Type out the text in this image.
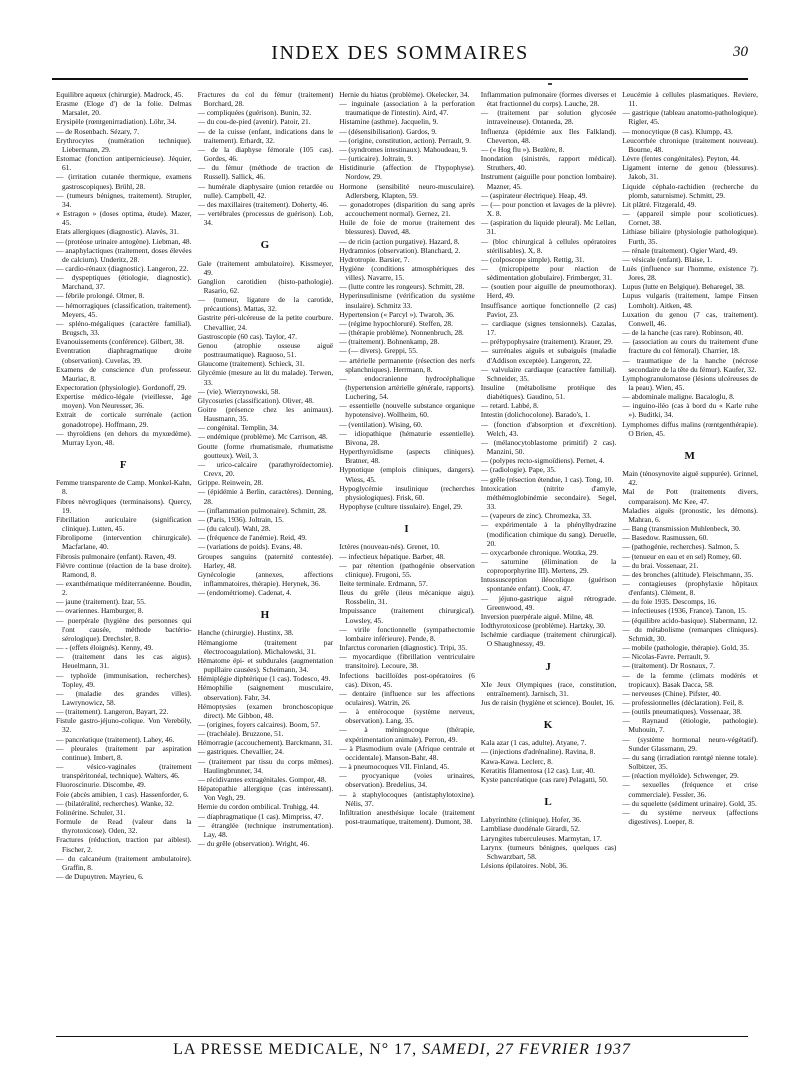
INDEX DES SOMMAIRES	30

Equilibre aqueux (chirurgie). Madrock, 45.

Erasme (Eloge d') de la folie. Delmas Marsalet, 20.

Erysipèle (rœntgenirradiation). Löhr, 34.

— de Rosenbach. Sézary, 7.

Erythrocytes (numération technique). Liebermann, 29.

Estomac (fonction antipernicieuse). Jéquier, 61.

— (irritation cutanée thermique, examens gastroscopiques). Brühl, 28.

— (tumeurs bénignes, traitement). Strupler, 34.

« Estragon » (doses optima, étude). Mazer, 45.

Etats allergiques (diagnostic). Alavès, 31.

— (protéose urinaire antogène). Liebman, 48.

— anaphylactiques (traitement, doses élevées de calcium). Underitz, 28.

— cardio-rénaux (diagnostic). Langeron, 22.

— dyspeptiques (étiologie, diagnostic). Marchand, 37.

— fébrile prolongé. Olmer, 8.

— hémorragiques (classification, traitement). Meyers, 45.

— spléno-mégaliques (caractère familial). Brugsch, 33.

Evanouissements (conférence). Gilbert, 38.

Eventration diaphragmatique droite (observation). Cuvelas, 39.

Examens de conscience d'un professeur. Mauriac, 8.

Expectoration (physiologie). Gordonoff, 29.

Expertise médico-légale (vieillesse, âge moyen). Von Neuresser, 36.

Extrait de corticale surrénale (action gonadotrope). Hoffmann, 29.

— thyroïdiens (en dehors du myxœdème). Murray Lyon, 48.

F

Femme transparente de Camp. Monkel-Kahn, 8.

Fibres névrogliques (terminaisons). Quercy, 19.

Fibrillation auriculaire (signification clinique). Lutten, 45.

Fibrolipome (intervention chirurgicale). Macfarlane, 40.

Fibrosis pulmonaire (enfant). Raven, 49.

Fièvre continue (réaction de la base droite). Ramond, 8.

— exanthématique méditerranéenne. Boudin, 2.

— jaune (traitement). Izar, 55.

— ovariennes. Hamburger, 8.

— puerpérale (hygiène des personnes qui l'ont causée, méthode bactério-sérologique). Drechsler, 8.

— - (effets éloignés). Kenny, 49.

— (traitement dans les cas aigus). Heuelmann, 31.

— typhoïde (immunisation, recherches). Topley, 49.

— (maladie des grandes villes). Lawrynowicz, 58.

— (traitement). Langeron, Bayart, 22.

Fistule gastro-jéjuno-colique. Von Vereböly, 32.

— pancréatique (traitement). Lahey, 46.

— pleurales (traitement par aspiration continue). Imbert, 8.

— vésico-vaginales (traitement transpéritonéal, technique). Walters, 46.

Fluoroscinurie. Discombe, 49.

Foie (abcès amibien, 1 cas). Hassenforder, 6.

— (bilatéralité, recherches). Wanke, 32.

Folinérine. Schuler, 31.

Formule de Read (valeur dans la thyrotoxicose). Oden, 32.

Fractures (réduction, traction par aiblest). Fischer, 2.

— du calcanéum (traitement ambulatoire). Graffin, 8.

— de Dupuytren. Mayrieu, 6.

Fractures du col du fémur (traitement) Borchard, 28.

— compliquées (guérison). Bunin, 32.

— du cou-de-pied (avenir). Patoir, 21.

— de la cuisse (enfant, indications dans le traitement). Erhardt, 32.

— de la diaphyse fémorale (105 cas). Gordes, 46.

— du fémur (méthode de traction de Russell). Sallick, 46.

— humérale diaphysaire (union retardée ou nulle). Campbell, 42.

— des maxillaires (traitement). Doherty, 46.

— vertébrales (processus de guérison). Lob, 34.

G

Gale (traitement ambulatoire). Kissmeyer, 49.

Ganglion carotidien (histo-pathologie). Rasario, 62.

— (tumeur, ligature de la carotide, précautions). Mattas, 32.

Gastrite péri-ulcéreuse de la petite courbure. Chevallier, 24.

Gastroscopie (60 cas). Taylor, 47.

Genou (atrophie osseuse aiguë posttraumatique). Raguoso, 51.

Glaucome (traitement). Schieck, 31.

Glycémie (mesure au lit du malade). Terwen, 33.

— (vie). Wierzynowski, 58.

Glycosuries (classification). Oliver, 48.

Goitre (présence chez les animaux). Hausmann, 35.

— congénital. Templin, 34.

— endémique (problème). Mc Carrison, 48.

Goutte (forme rhumatismale, rhumatisme goutteux). Weil, 3.

— urico-calcaire (parathyroïdectomie). Crevx, 20.

Grippe. Reinwein, 28.

— (épidémie à Berlin, caractères). Denning, 28.

— (inflammation pulmonaire). Schmitt, 28.

— (Paris, 1936). Joltrain, 15.

— (du calcul). Wahl, 28.

— (fréquence de l'anémie). Reid, 49.

— (variations de poids). Evans, 48.

Groupes sanguins (paternité contestée). Harley, 48.

Gynécologie (annexes, affections inflammatoires, thérapie). Herynek, 36.

— (endométriome). Cadenat, 4.

H

Hanche (chirurgie). Hustinx, 38.

Hémangiome (traitement par électrocoagulation). Michalowski, 31.

Hématome épi- et subdurales (augmentation pupillaire causées). Scheimann, 34.

Hémiplégie diphtérique (1 cas). Todesco, 49.

Hémophilie (saignement musculaire, observation). Fahr, 34.

Hémoptysies (examen bronchoscopique direct). Mc Gibbon, 48.

— (origines, foyers calcaires). Boom, 57.

— (trachéale). Bruzzone, 51.

Hémorragie (accouchement). Barckmann, 31.

— gastriques. Chevallier, 24.

— (traitement par tissu du corps mêmes). Haulingbrunner, 34.

— récidivantes extragénitales. Gompor, 48.

Hépatopathie allergique (cas intéressant). Von Vegh, 29.

Hernie du cordon ombilical. Truhigg, 44.

— diaphragmatique (1 cas). Mimpriss, 47.

— étranglée (technique instrumentation). Lay, 48.

— du grêle (observation). Wright, 46.

Hernie du hiatus (problème). Okelecker, 34.

— inguinale (association à la perforation traumatique de l'intestin). Aird, 47.

Histamine (asthme). Jacquelin, 9.

— (désensibilisation). Gardos, 9.

— (origine, constitution, action). Perrault, 9.

— (syndromes intestinaux). Mahoudeau, 9.

— (urticaire). Joltrain, 9.

Histidinurie (affection de l'hypophyse). Nordow, 29.

Hormone (sensibilité neuro-musculaire). Adlersberg, Klapten, 59.

— gonadotropes (disparition du sang après accouchement normal). Gernez, 21.

Huile de foie de morue (traitement des blessures). Daved, 48.

— de ricin (action purgative). Hazard, 8.

Hydramnios (observation). Blanchard, 2.

Hydrotropie. Barsier, 7.

Hygiène (conditions atmosphériques des villes). Navarre, 15.

— (lutte contre les rongeurs). Schmitt, 28.

Hyperinsulinisme (vérification du système insulaire). Schmitz 33.

Hypertension (« Parcyl »). Twaroh, 36.

— (régime hypochloruré). Steffen, 28.

— (thérapie problème). Nonnenbruch, 28.

— (traitement). Bohnenkamp, 28.

— (— divers). Greppi, 55.

— artérielle permanente (résection des nerfs splanchniques). Herrmann, 8.

— endocranienne hydrocéphalique (hypertension artérielle générale, rapports). Luchering, 54.

— essentielle (nouvelle substance organique hypotensive). Wollheim, 60.

— (ventilation). Wising, 60.

— idiopathique (hématurie essentielle). Bivona, 28.

Hyperthyroïdisme (aspects cliniques). Bratner, 48.

Hypnotique (emplois cliniques, dangers). Wiess, 45.

Hypoglycémie insulinique (recherches physiologiques). Frisk, 60.

Hypophyse (culture tissulaire). Engel, 29.

I

Ictères (nouveau-nés). Grenet, 10.

— infectieux hépatique. Barber, 48.

— par rétention (pathogénie observation clinique). Frugoni, 55.

Ileite terminale. Erdmann, 57.

Ileus du grêle (ileus mécanique aigu). Rossbelin, 31.

Impuissance (traitement chirurgical). Lowsley, 45.

— virile fonctionnelle (sympathectomie lombaire inférieure). Pende, 8.

Infarctus coronarien (diagnostic). Tripi, 35.

— myocardique (fibrillation ventriculaire transitoire). Lecoure, 38.

Infections bacilloïdes post-opératoires (6 cas). Dixon, 45.

— dentaire (influence sur les affections oculaires). Watrin, 26.

— à entérocoque (système nerveux, observation). Lang, 35.

— à méningocoque (thérapie, expérimentation animale). Perron, 49.

— à Plasmodium ovale (Afrique centrale et occidentale). Manson-Bahr, 48.

— à pneumocoques VII. Finland, 45.

— pyocyanique (voies urinaires, observation). Bredelius, 34.

— à staphylocoques (antistaphylotoxine). Nélis, 37.

Infiltration anesthésique locale (traitement post-traumatique, traitement). Dumont, 38.

Inflammation pulmonaire (formes diverses et état fractionnel du corps). Lauche, 28.

— (traitement par solution glycosée intraveineuse). Ontaneda, 28.

Influenza (épidémie aux Iles Falkland). Cheverton, 48.

— (« Hog flu »). Bezlère, 8.

Inondation (sinistrés, rapport médical). Struthers, 40.

Instrument (aiguille pour ponction lombaire). Mazner, 45.

— (aspirateur électrique). Heap, 49.

— (— pour ponction et lavages de la plèvre). X. 8.

— (aspiration du liquide pleural). Mc Lellan, 31.

— (bloc chirurgical à cellules opératoires stérilisables). X, 8.

— (colposcope simple). Rettig, 31.

— (micropipette pour réaction de sédimentation globulaire). Frimberger, 31.

— (soutien pour aiguille de pneumothorax). Herd, 49.

Insuffisance aortique fonctionnelle (2 cas) Paviot, 23.

— cardiaque (signes tensionnels). Cazalas, 17.

— préhypophysaire (traitement). Krauer, 29.

— surrénales aiguës et subaiguës (maladie d'Addison exceptée). Langeron, 22.

— valvulaire cardiaque (caractère familial). Schneider, 35.

Insuline (métabolisme protéique des diabétiques). Gaudino, 51.

— retard. Labbé, 8.

Intestin (dolichocolone). Barado's, 1.

— (fonction d'absorption et d'excrétion). Welch, 43.

— (mélanocytoblastome primitif) 2 cas). Manzini, 50.

— (polypes recto-sigmoïdiens). Pernet, 4.

— (radiologie). Pape, 35.

— grêle (résection étendue, 1 cas). Tong, 10.

Intoxication (nitrite d'amyle, méthémoglobinémie secondaire). Segel, 33.

— (vapeurs de zinc). Chromezka, 33.

— expérimentale à la phénylhydrazine (modification chimique du sang). Deruelle, 20.

— oxycarbonée chronique. Wotzka, 29.

— saturnine (élimination de la coproporphyrine III). Mertens, 29.

Intussusception iléocolique (guérison spontanée enfant). Cook, 47.

— jéjuno-gastrique aiguë rétrograde. Greenwood, 49.

Inversion puerpérale aiguë. Milne, 48.

Iodthyrotoxicose (problème). Hartzky, 30.

Ischémie cardiaque (traitement chirurgical). O Shaughnessy, 49.

J

XIe Jeux Olympiques (race, constitution, entraînement). Jarnisch, 31.

Jus de raisin (hygiène et science). Boulet, 16.

K

Kala azar (1 cas, adulte). Atyane, 7.

— (injections d'adrénaline). Ravina, 8.

Kawa-Kawa. Leclerc, 8.

Keratitis filamentosa (12 cas). Lur, 40.

Kyste pancréatique (cas rare) Pelagatti, 50.

L

Labyrinthite (clinique). Hofer, 36.

Lambliase duodénale Girardi, 52.

Laryngites tuberculeuses. Marmytan, 17.

Larynx (tumeurs bénignes, quelques cas) Schwarzbart, 58.

Lésions épilatoires. Nobl, 36.

Leucémie à cellules plasmatiques. Reviere, 11.

— gastrique (tableau anatomo-pathologique). Rigler, 45.

— monocytique (8 cas). Klumpp, 43.

Leucorrhée chronique (traitement nouveau). Bourne, 48.

Lèvre (fentes congénitales). Peyton, 44.

Ligament interne de genou (blessures). Jakob, 31.

Liquide céphalo-rachidien (recherche du plomb, saturnisme). Schmitt, 29.

Lit plâtré. Fitzgerald, 49.

— (appareil simple pour scolioticues). Cornet, 38.

Lithiase biliaire (physiologie pathologique). Furth, 35.

— rénale (traitement). Ogier Ward, 49.

— vésicale (enfant). Blaise, 1.

Luès (influence sur l'homme, existence ?). Jores, 28.

Lupus (lutte en Belgique). Beharegel, 38.

Lupus vulgaris (traitement, lampe Finsen Lomholt). Aitken, 48.

Luxation du genou (7 cas, traitement). Conwell, 46.

— de la hanche (cas rare). Robinson, 40.

— (association au cours du traitement d'une fracture du col fémoral). Charrier, 18.

— traumatique de la hanche (nécrose secondaire de la tête du fémur). Kaufer, 32.

Lymphogranulomatose (lésions ulcéreuses de la peau). Wien, 45.

— abdominale maligne. Bacaloglu, 8.

— inguino-iléo (cas à bord du « Karle ruhe »). Buditki, 34.

Lymphomes diffus malins (rœntgenthérapie). O Brien, 45.

M

Main (ténosynovite aiguë suppurée). Grinnel, 42.

Mal de Pott (traitements divers, comparaison). Mc Kee, 47.

Maladies aiguës (pronostic, les démons). Mahran, 6.

— Bang (transmission Muhlenbeck, 30.

— Basedow. Rasmussen, 60.

— (pathogénie, recherches). Salmon, 5.

— (tenueur en eau et en sel) Romey, 60.

— du brai. Vossenaar, 21.

— des bronches (altitude). Fleischmann, 35.

— contagieuses (prophylaxie hôpitaux d'enfants). Clément, 8.

— du foie 1935. Descomps, 16.

— infectieuses (1936, France). Tanon, 15.

— (équilibre acido-basique). Slabermann, 12.

— du métabolisme (remarques cliniques). Schmidt, 30.

— mobile (pathologie, thérapie). Gold, 35.

— Nicolas-Favre. Perrault, 9.

— (traitement). Dr Rosnaux, 7.

— de la femme (climats modérés et tropicaux). Basak Dacca, 58.

— nerveuses (Chine). Pifster, 40.

— professionnelles (déclaration). Feil, 8.

— (outils pneumatiques). Vossenaar, 38.

— Raynaud (étiologie, pathologie). Muhouin, 7.

— (système hormonal neuro-végétatif). Sunder Glassmann, 29.

— du sang (irradiation rœntgé nienne totale). Solbitzer, 35.

— (réaction myéloïde). Schwenger, 29.

— sexuelles (fréquence et crise commerciale). Fessler, 36.

— du squelette (sédiment urinaire). Gold, 35.

— du système nerveux (affections digestives). Loeper, 8.

LA PRESSE MEDICALE, N° 17, SAMEDI, 27 FEVRIER 1937
